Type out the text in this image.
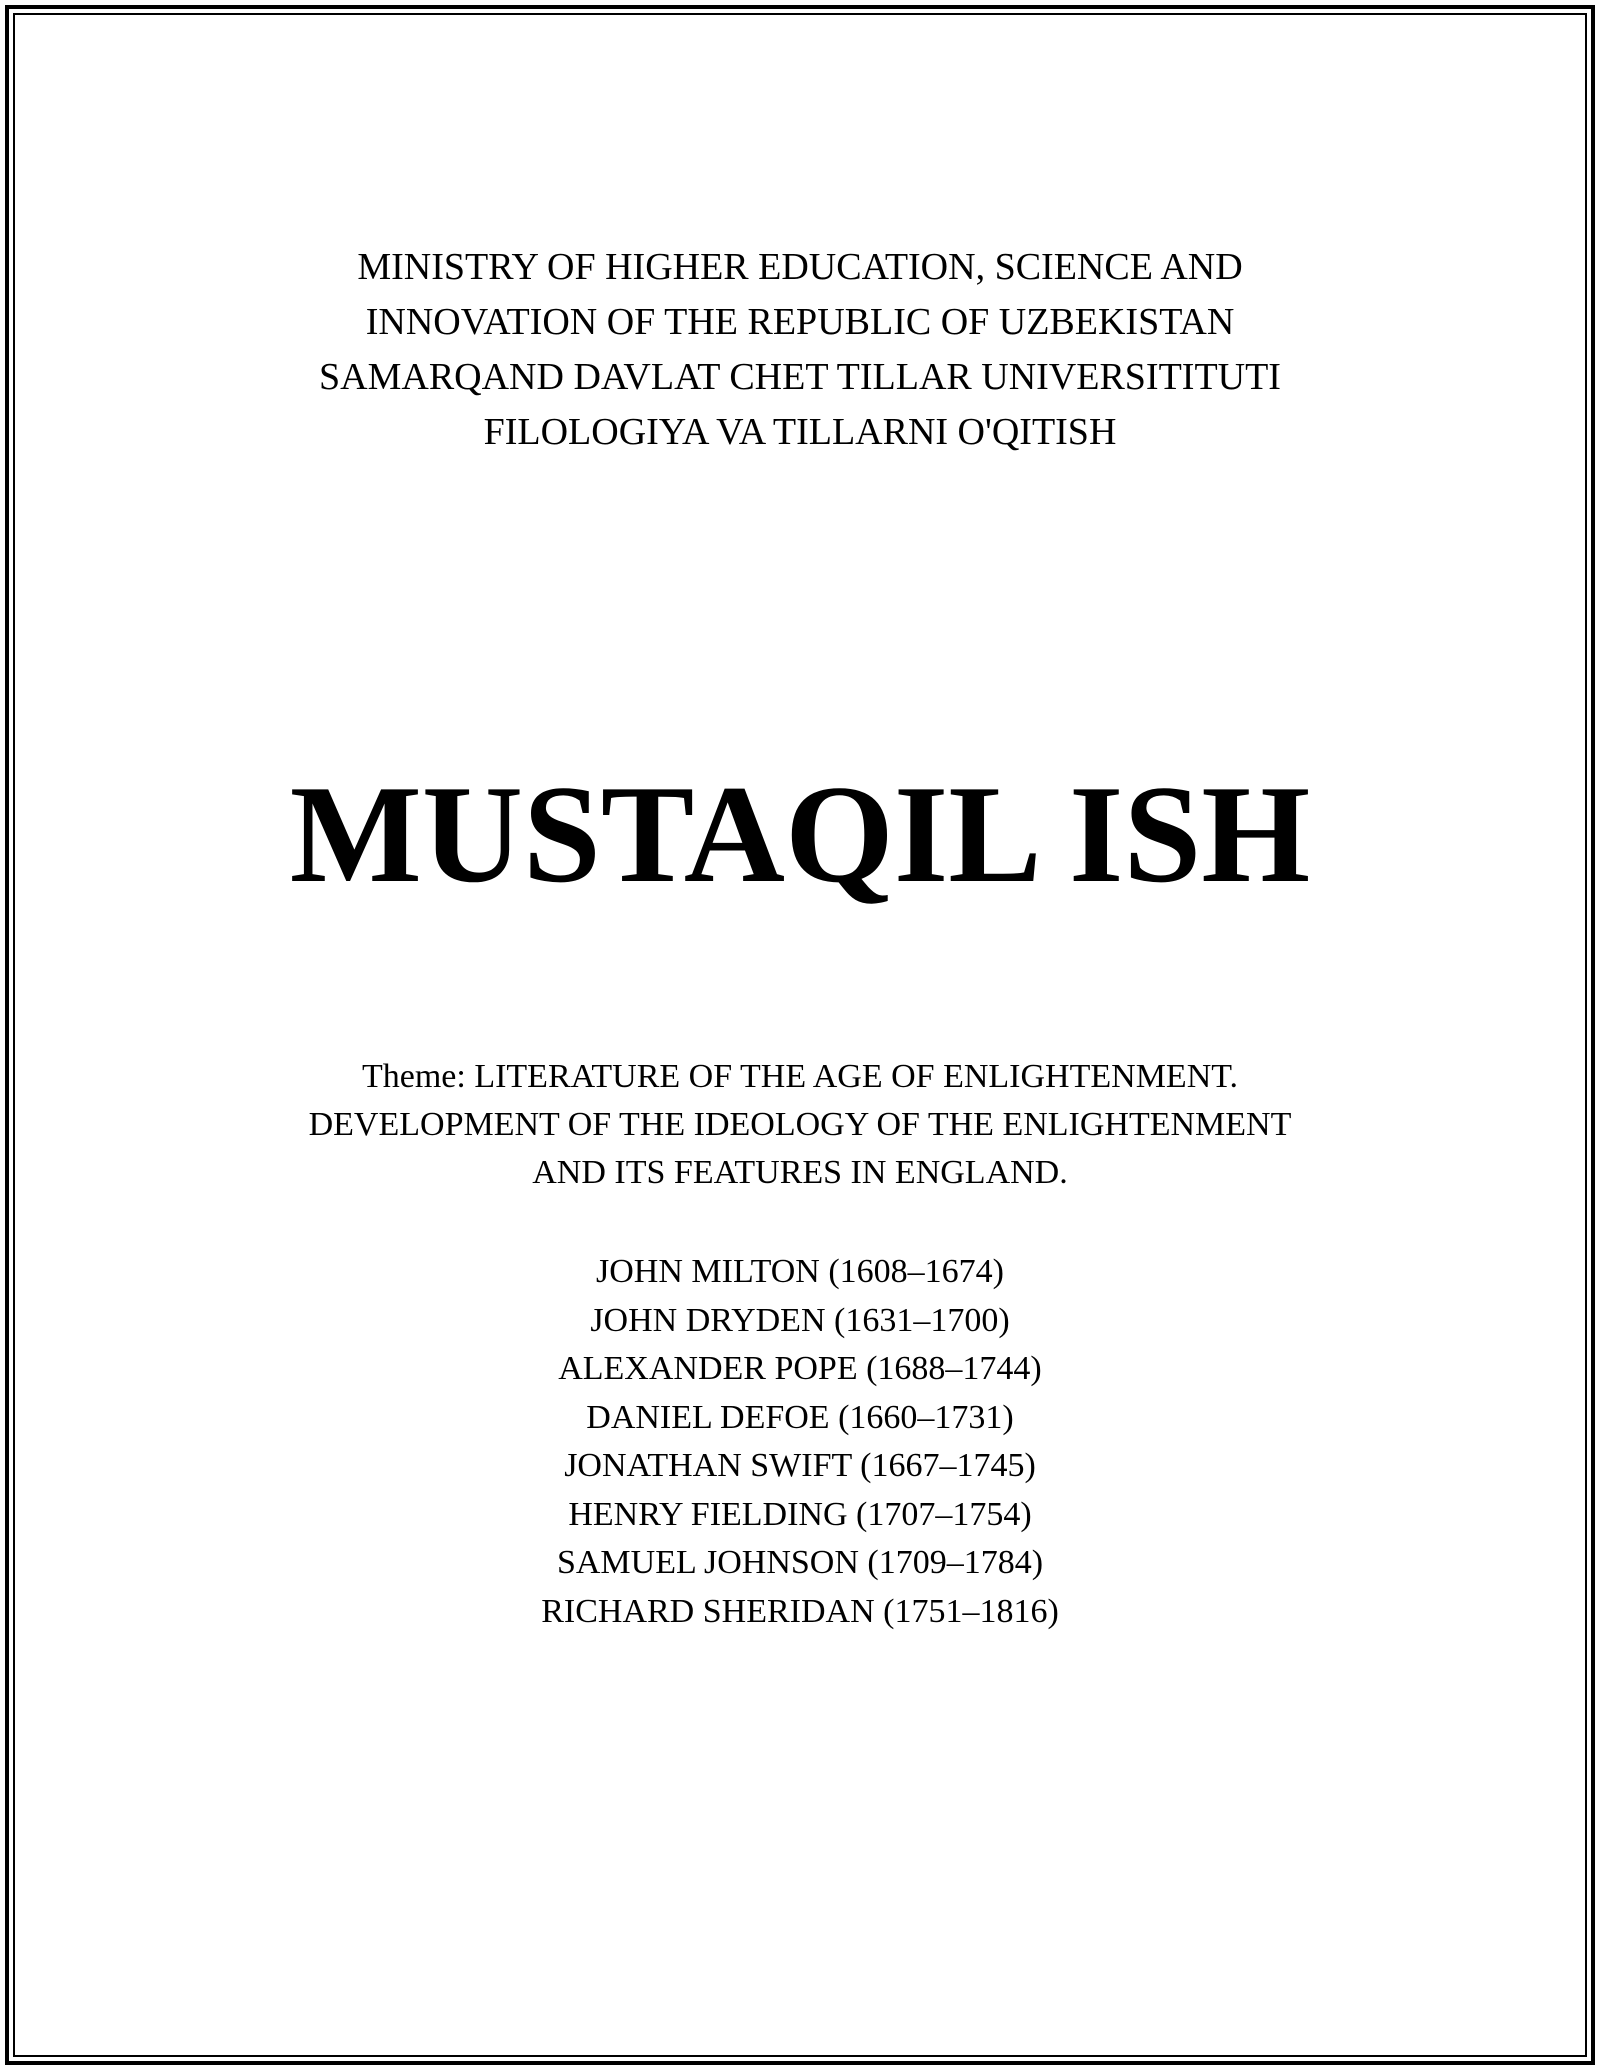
MINISTRY OF HIGHER EDUCATION, SCIENCE AND
INNOVATION OF THE REPUBLIC OF UZBEKISTAN
SAMARQAND DAVLAT CHET TILLAR UNIVERSITITUTI
FILOLOGIYA VA TILLARNI O'QITISH
MUSTAQIL ISH
Theme: LITERATURE OF THE AGE OF ENLIGHTENMENT.
DEVELOPMENT OF THE IDEOLOGY OF THE ENLIGHTENMENT
AND ITS FEATURES IN ENGLAND.
JOHN MILTON (1608–1674)
JOHN DRYDEN (1631–1700)
ALEXANDER POPE (1688–1744)
DANIEL DEFOE (1660–1731)
JONATHAN SWIFT (1667–1745)
HENRY FIELDING (1707–1754)
SAMUEL JOHNSON (1709–1784)
RICHARD SHERIDAN (1751–1816)
